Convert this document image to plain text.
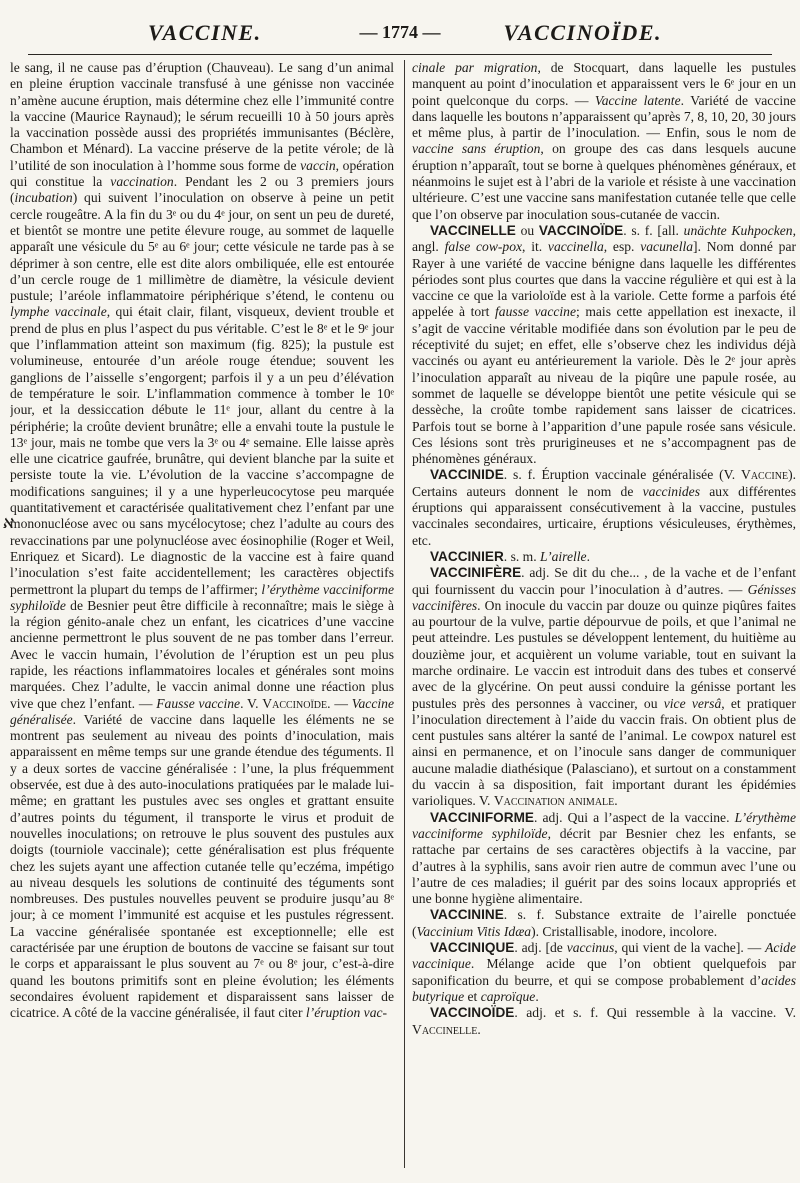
VACCINE.	— 1774 —	VACCINOÏDE.
ℵ

le sang, il ne cause pas d’éruption (Chauveau). Le sang d’un animal en pleine éruption vaccinale transfusé à une génisse non vaccinée n’amène aucune éruption, mais détermine chez elle l’immunité contre la vaccine (Maurice Raynaud); le sérum recueilli 10 à 50 jours après la vaccination possède aussi des propriétés immunisantes (Béclère, Chambon et Ménard). La vaccine préserve de la petite vérole; de là l’utilité de son inoculation à l’homme sous forme de vaccin, opération qui constitue la vaccination. Pendant les 2 ou 3 premiers jours (incubation) qui suivent l’inoculation on observe à peine un petit cercle rougeâtre. A la fin du 3ᵉ ou du 4ᵉ jour, on sent un peu de dureté, et bientôt se montre une petite élevure rouge, au sommet de laquelle apparaît une vésicule du 5ᵉ au 6ᵉ jour; cette vésicule ne tarde pas à se déprimer à son centre, elle est dite alors ombiliquée, elle est entourée d’un cercle rouge de 1 millimètre de diamètre, la vésicule devient pustule; l’aréole inflammatoire périphérique s’étend, le contenu ou lymphe vaccinale, qui était clair, filant, visqueux, devient trouble et prend de plus en plus l’aspect du pus véritable. C’est le 8ᵉ et le 9ᵉ jour que l’inflammation atteint son maximum (fig. 825); la pustule est volumineuse, entourée d’un aréole rouge étendue; souvent les ganglions de l’aisselle s’engorgent; parfois il y a un peu d’élévation de température le soir. L’inflammation commence à tomber le 10ᵉ jour, et la dessiccation débute le 11ᵉ jour, allant du centre à la périphérie; la croûte devient brunâtre; elle a envahi toute la pustule le 13ᵉ jour, mais ne tombe que vers la 3ᵉ ou 4ᵉ semaine. Elle laisse après elle une cicatrice gaufrée, brunâtre, qui devient blanche par la suite et persiste toute la vie. L’évolution de la vaccine s’accompagne de modifications sanguines; il y a une hyperleucocytose peu marquée quantitativement et caractérisée qualitativement chez l’enfant par une mononucléose avec ou sans mycélocytose; chez l’adulte au cours des revaccinations par une polynucléose avec éosinophilie (Roger et Weil, Enriquez et Sicard). Le diagnostic de la vaccine est à faire quand l’inoculation s’est faite accidentellement; les caractères objectifs permettront la plupart du temps de l’affirmer; l’érythème vacciniforme syphiloïde de Besnier peut être difficile à reconnaître; mais le siège à la région génito-anale chez un enfant, les cicatrices d’une vaccine ancienne permettront le plus souvent de ne pas tomber dans l’erreur. Avec le vaccin humain, l’évolution de l’éruption est un peu plus rapide, les réactions inflammatoires locales et générales sont moins marquées. Chez l’adulte, le vaccin animal donne une réaction plus vive que chez l’enfant. — Fausse vaccine. V. Vaccinoïde. — Vaccine généralisée. Variété de vaccine dans laquelle les éléments ne se montrent pas seulement au niveau des points d’inoculation, mais apparaissent en même temps sur une grande étendue des téguments. Il y a deux sortes de vaccine généralisée : l’une, la plus fréquemment observée, est due à des auto-inoculations pratiquées par le malade lui-même; en grattant les pustules avec ses ongles et grattant ensuite d’autres points du tégument, il transporte le virus et produit de nouvelles inoculations; on retrouve le plus souvent des pustules aux doigts (tourniole vaccinale); cette généralisation est plus fréquente chez les sujets ayant une affection cutanée telle qu’eczéma, impétigo au niveau desquels les solutions de continuité des téguments sont nombreuses. Des pustules nouvelles peuvent se produire jusqu’au 8ᵉ jour; à ce moment l’immunité est acquise et les pustules régressent. La vaccine généralisée spontanée est exceptionnelle; elle est caractérisée par une éruption de boutons de vaccine se faisant sur tout le corps et apparaissant le plus souvent au 7ᵉ ou 8ᵉ jour, c’est-à-dire quand les boutons primitifs sont en pleine évolution; les éléments secondaires évoluent rapidement et disparaissent sans laisser de cicatrice. A côté de la vaccine généralisée, il faut citer l’éruption vac-

cinale par migration, de Stocquart, dans laquelle les pustules manquent au point d’inoculation et apparaissent vers le 6ᵉ jour en un point quelconque du corps. — Vaccine latente. Variété de vaccine dans laquelle les boutons n’apparaissent qu’après 7, 8, 10, 20, 30 jours et même plus, à partir de l’inoculation. — Enfin, sous le nom de vaccine sans éruption, on groupe des cas dans lesquels aucune éruption n’apparaît, tout se borne à quelques phénomènes généraux, et néanmoins le sujet est à l’abri de la variole et résiste à une vaccination ultérieure. C’est une vaccine sans manifestation cutanée telle que celle que l’on observe par inoculation sous-cutanée de vaccin.

VACCINELLE ou VACCINOÏDE. s. f. [all. unächte Kuhpocken, angl. false cow-pox, it. vaccinella, esp. vacunella]. Nom donné par Rayer à une variété de vaccine bénigne dans laquelle les différentes périodes sont plus courtes que dans la vaccine régulière et qui est à la vaccine ce que la varioloïde est à la variole. Cette forme a parfois été appelée à tort fausse vaccine; mais cette appellation est inexacte, il s’agit de vaccine véritable modifiée dans son évolution par le peu de réceptivité du sujet; en effet, elle s’observe chez les individus déjà vaccinés ou ayant eu antérieurement la variole. Dès le 2ᵉ jour après l’inoculation apparaît au niveau de la piqûre une papule rosée, au sommet de laquelle se développe bientôt une petite vésicule qui se dessèche, la croûte tombe rapidement sans laisser de cicatrices. Parfois tout se borne à l’apparition d’une papule rosée sans vésicule. Ces lésions sont très prurigineuses et ne s’accompagnent pas de phénomènes généraux.

VACCINIDE. s. f. Éruption vaccinale généralisée (V. Vaccine). Certains auteurs donnent le nom de vaccinides aux différentes éruptions qui apparaissent consécutivement à la vaccine, pustules vaccinales secondaires, urticaire, éruptions vésiculeuses, érythèmes, etc.

VACCINIER. s. m. L’airelle.

VACCINIFÈRE. adj. Se dit du che... , de la vache et de l’enfant qui fournissent du vaccin pour l’inoculation à d’autres. — Génisses vaccinifères. On inocule du vaccin par douze ou quinze piqûres faites au pourtour de la vulve, partie dépourvue de poils, et que l’animal ne peut atteindre. Les pustules se développent lentement, du huitième au douzième jour, et acquièrent un volume variable, tout en suivant la marche ordinaire. Le vaccin est introduit dans des tubes et conservé avec de la glycérine. On peut aussi conduire la génisse portant les pustules près des personnes à vacciner, ou vice versâ, et pratiquer l’inoculation directement à l’aide du vaccin frais. On obtient plus de cent pustules sans altérer la santé de l’animal. Le cowpox naturel est ainsi en permanence, et on l’inocule sans danger de communiquer aucune maladie diathésique (Palasciano), et surtout on a constamment du vaccin à sa disposition, fait important durant les épidémies varioliques. V. Vaccination animale.

VACCINIFORME. adj. Qui a l’aspect de la vaccine. L’érythème vacciniforme syphiloïde, décrit par Besnier chez les enfants, se rattache par certains de ses caractères objectifs à la vaccine, par d’autres à la syphilis, sans avoir rien autre de commun avec l’une ou l’autre de ces maladies; il guérit par des soins locaux appropriés et une bonne hygiène alimentaire.

VACCININE. s. f. Substance extraite de l’airelle ponctuée (Vaccinium Vitis Idæa). Cristallisable, inodore, incolore.

VACCINIQUE. adj. [de vaccinus, qui vient de la vache]. — Acide vaccinique. Mélange acide que l’on obtient quelquefois par saponification du beurre, et qui se compose probablement d’acides butyrique et caproïque.

VACCINOÏDE. adj. et s. f. Qui ressemble à la vaccine. V. Vaccinelle.
